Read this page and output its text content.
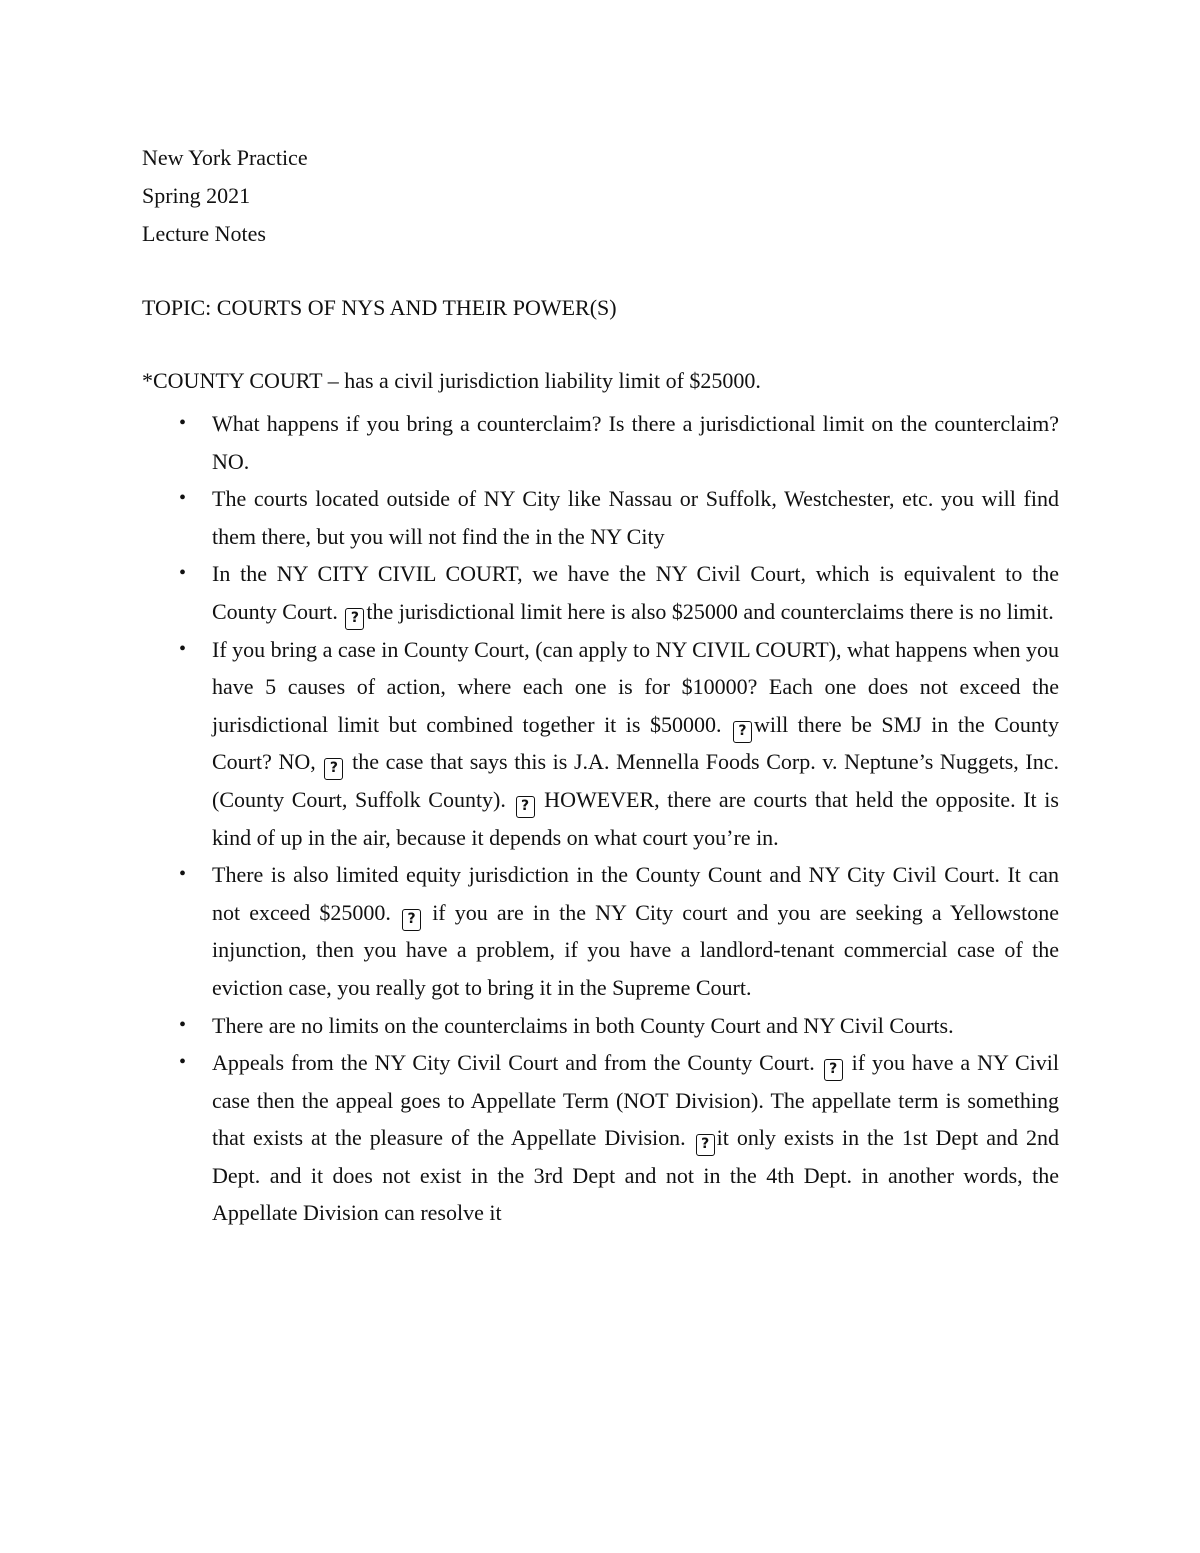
New York Practice
Spring 2021
Lecture Notes
TOPIC: COURTS OF NYS AND THEIR POWER(S)
*COUNTY COURT – has a civil jurisdiction liability limit of $25000.
• What happens if you bring a counterclaim? Is there a jurisdictional limit on the counterclaim? NO.
• The courts located outside of NY City like Nassau or Suffolk, Westchester, etc. you will find them there, but you will not find the in the NY City
• In the NY CITY CIVIL COURT, we have the NY Civil Court, which is equivalent to the County Court. ? the jurisdictional limit here is also $25000 and counterclaims there is no limit.
• If you bring a case in County Court, (can apply to NY CIVIL COURT), what happens when you have 5 causes of action, where each one is for $10000? Each one does not exceed the jurisdictional limit but combined together it is $50000. ? will there be SMJ in the County Court? NO, ? the case that says this is J.A. Mennella Foods Corp. v. Neptune’s Nuggets, Inc. (County Court, Suffolk County). ? HOWEVER, there are courts that held the opposite. It is kind of up in the air, because it depends on what court you’re in.
• There is also limited equity jurisdiction in the County Count and NY City Civil Court. It can not exceed $25000. ? if you are in the NY City court and you are seeking a Yellowstone injunction, then you have a problem, if you have a landlord-tenant commercial case of the eviction case, you really got to bring it in the Supreme Court.
• There are no limits on the counterclaims in both County Court and NY Civil Courts.
• Appeals from the NY City Civil Court and from the County Court. ? if you have a NY Civil case then the appeal goes to Appellate Term (NOT Division). The appellate term is something that exists at the pleasure of the Appellate Division. ? it only exists in the 1st Dept and 2nd Dept. and it does not exist in the 3rd Dept and not in the 4th Dept. in another words, the Appellate Division can resolve it
